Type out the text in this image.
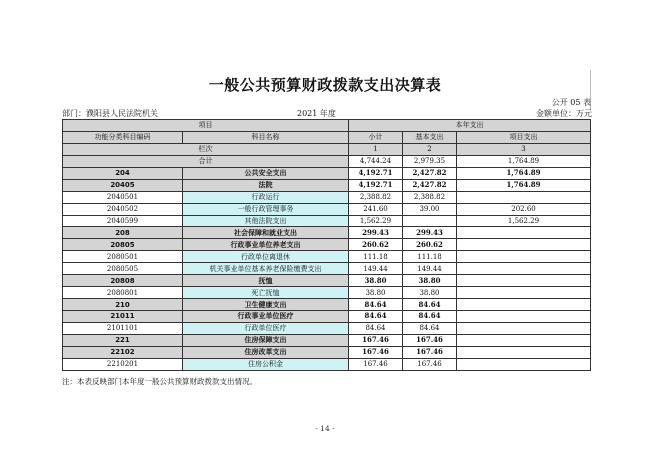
一般公共预算财政拨款支出决算表
公开 05 表
部门：濮阳县人民法院机关	2021 年度	金额单位：万元
项目		本年支出		
功能分类科目编码	科目名称	小计	基本支出	项目支出
栏次		1	2	3
合计		4,744.24	2,979.35	1,764.89
204	公共安全支出	4,192.71	2,427.82	1,764.89
20405	法院	4,192.71	2,427.82	1,764.89
2040501	行政运行	2,388.82	2,388.82	
2040502	一般行政管理事务	241.60	39.00	202.60
2040599	其他法院支出	1,562.29		1,562.29
208	社会保障和就业支出	299.43	299.43	
20805	行政事业单位养老支出	260.62	260.62	
2080501	行政单位离退休	111.18	111.18	
2080505	机关事业单位基本养老保险缴费支出	149.44	149.44	
20808	抚恤	38.80	38.80	
2080801	死亡抚恤	38.80	38.80	
210	卫生健康支出	84.64	84.64	
21011	行政事业单位医疗	84.64	84.64	
2101101	行政单位医疗	84.64	84.64	
221	住房保障支出	167.46	167.46	
22102	住房改革支出	167.46	167.46	
2210201	住房公积金	167.46	167.46	
注：本表反映部门本年度一般公共预算财政拨款支出情况。
- 14 -
